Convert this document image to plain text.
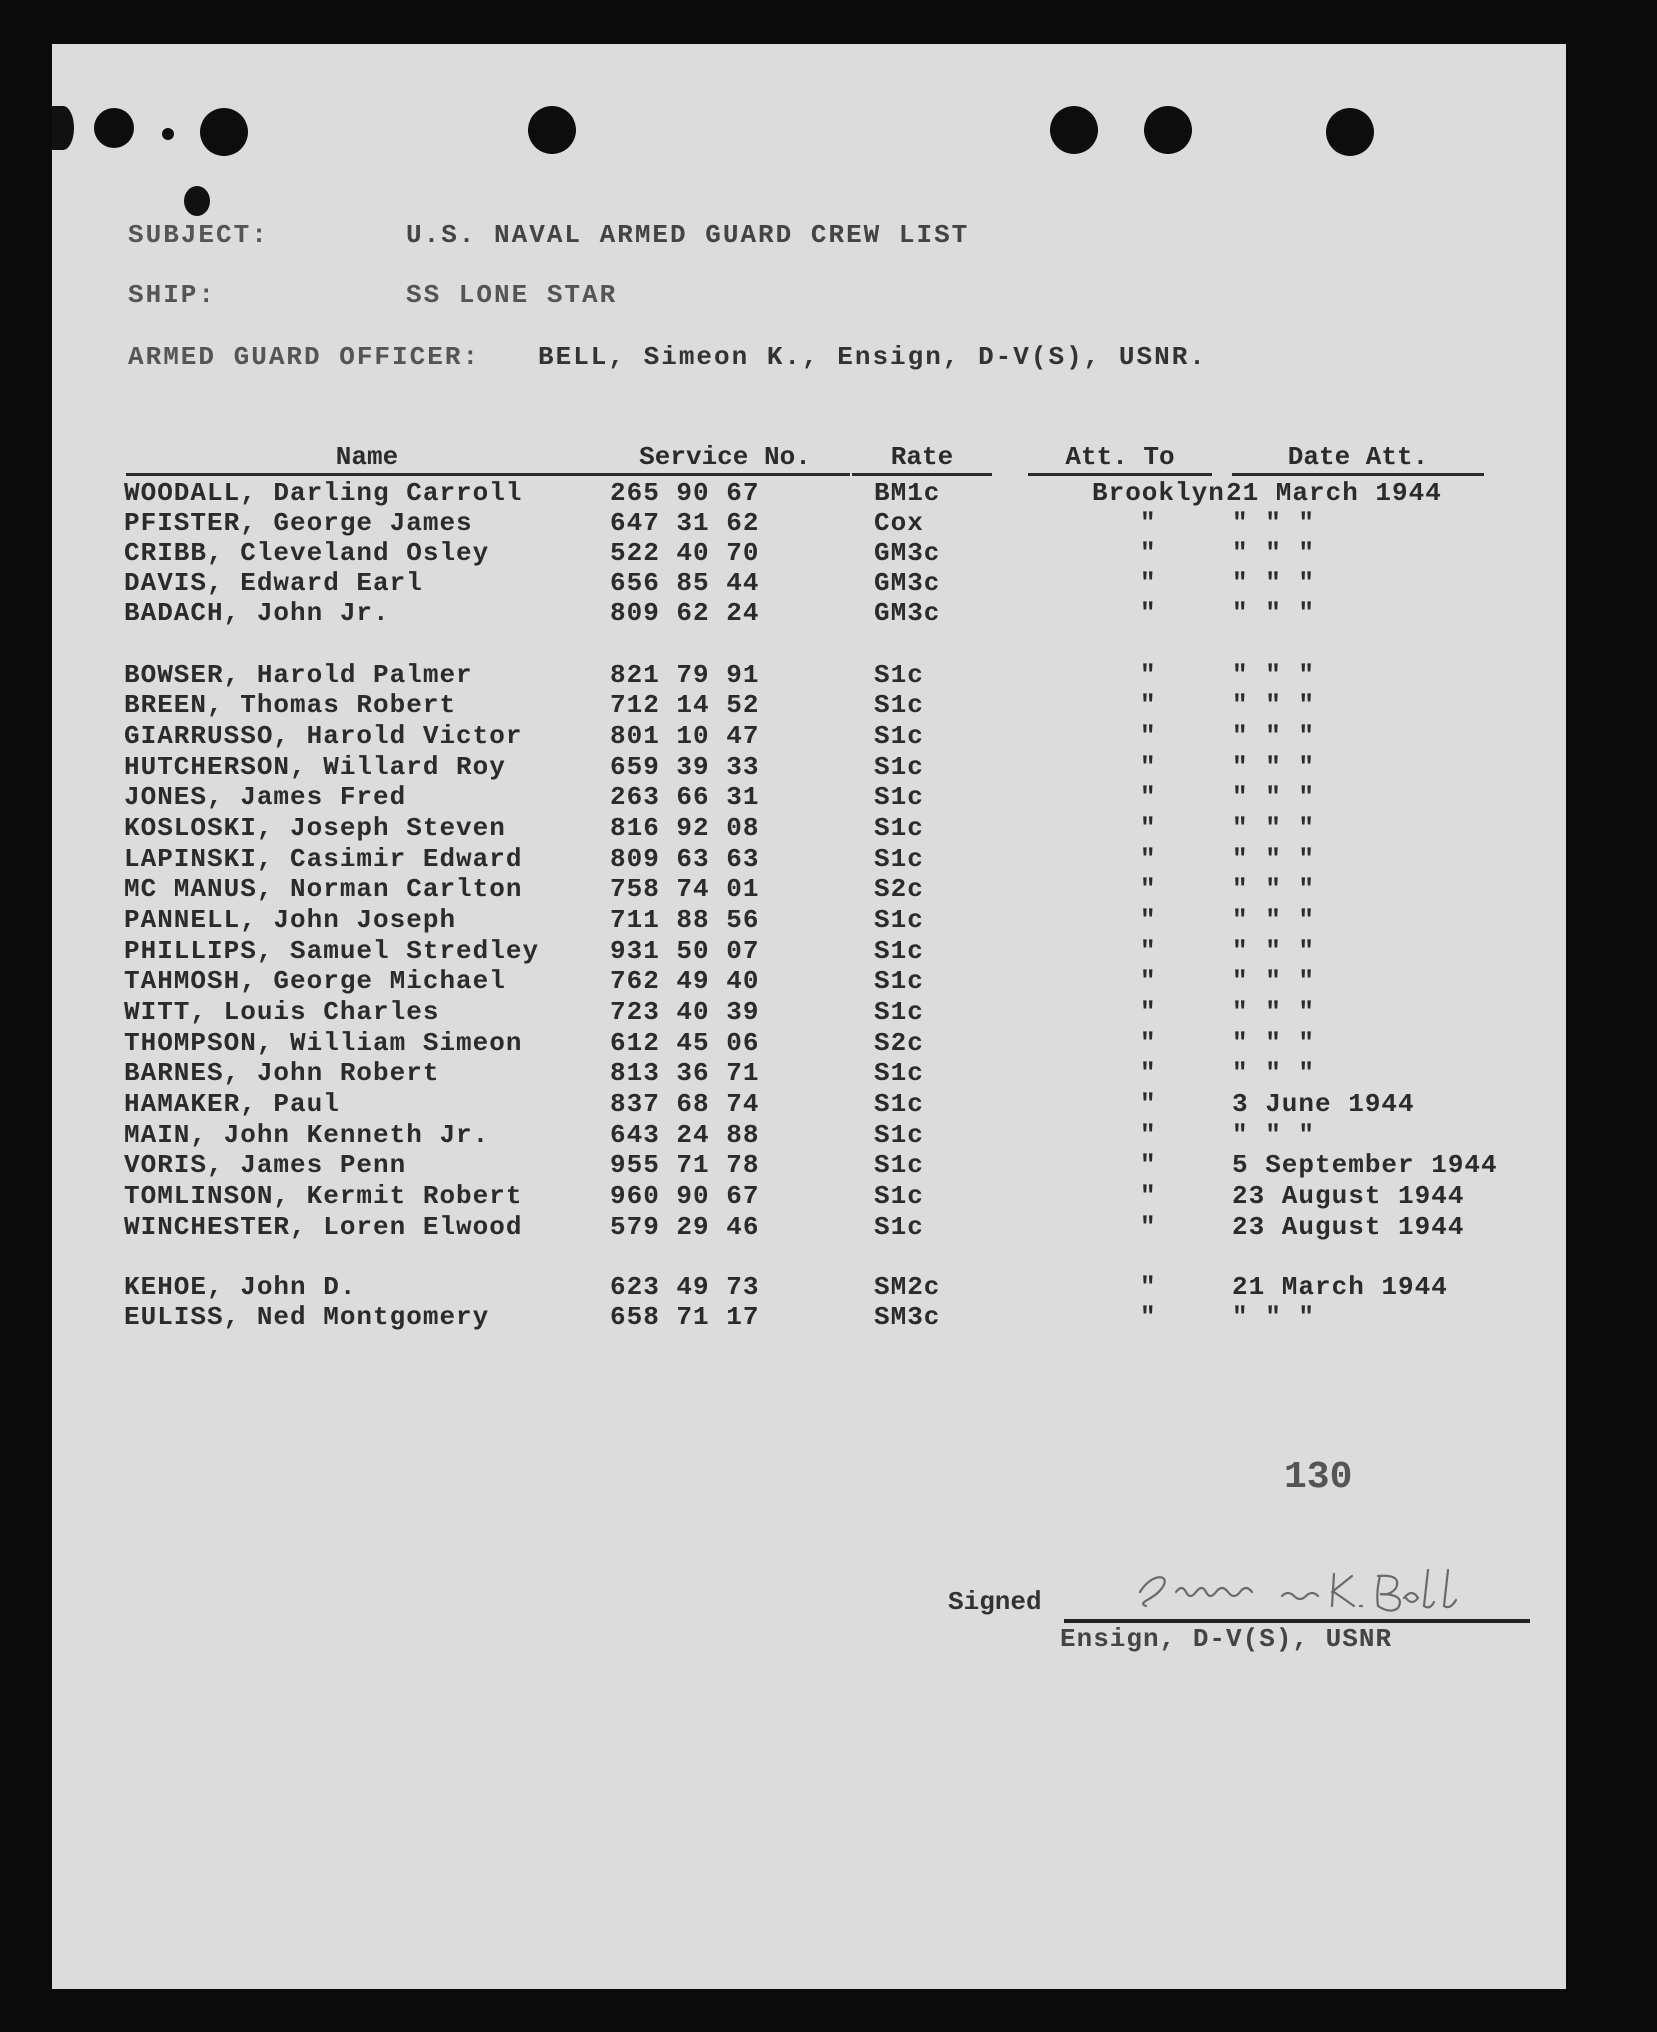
SUBJECT:	U.S. NAVAL ARMED GUARD CREW LIST
SHIP:	SS LONE STAR
ARMED GUARD OFFICER: BELL, Simeon K., Ensign, D-V(S), USNR.
Name	Service No.	Rate	Att. To	Date Att.
WOODALL, Darling Carroll	265 90 67	BM1c	Brooklyn 21 March 1944
PFISTER, George James	647 31 62	Cox	"	" " "
CRIBB, Cleveland Osley	522 40 70	GM3c	"	" " "
DAVIS, Edward Earl	656 85 44	GM3c	"	" " "
BADACH, John Jr.	809 62 24	GM3c	"	" " "
BOWSER, Harold Palmer	821 79 91	S1c	"	" " "
BREEN, Thomas Robert	712 14 52	S1c	"	" " "
GIARRUSSO, Harold Victor	801 10 47	S1c	"	" " "
HUTCHERSON, Willard Roy	659 39 33	S1c	"	" " "
JONES, James Fred	263 66 31	S1c	"	" " "
KOSLOSKI, Joseph Steven	816 92 08	S1c	"	" " "
LAPINSKI, Casimir Edward	809 63 63	S1c	"	" " "
MC MANUS, Norman Carlton	758 74 01	S2c	"	" " "
PANNELL, John Joseph	711 88 56	S1c	"	" " "
PHILLIPS, Samuel Stredley	931 50 07	S1c	"	" " "
TAHMOSH, George Michael	762 49 40	S1c	"	" " "
WITT, Louis Charles	723 40 39	S1c	"	" " "
THOMPSON, William Simeon	612 45 06	S2c	"	" " "
BARNES, John Robert	813 36 71	S1c	"	" " "
HAMAKER, Paul	837 68 74	S1c	"	3 June 1944
MAIN, John Kenneth Jr.	643 24 88	S1c	"	" " "
VORIS, James Penn	955 71 78	S1c	"	5 September 1944
TOMLINSON, Kermit Robert	960 90 67	S1c	"	23 August 1944
WINCHESTER, Loren Elwood	579 29 46	S1c	"	23 August 1944
KEHOE, John D.	623 49 73	SM2c	"	21 March 1944
EULISS, Ned Montgomery	658 71 17	SM3c	"	" " "
130
Signed
Ensign, D-V(S), USNR
